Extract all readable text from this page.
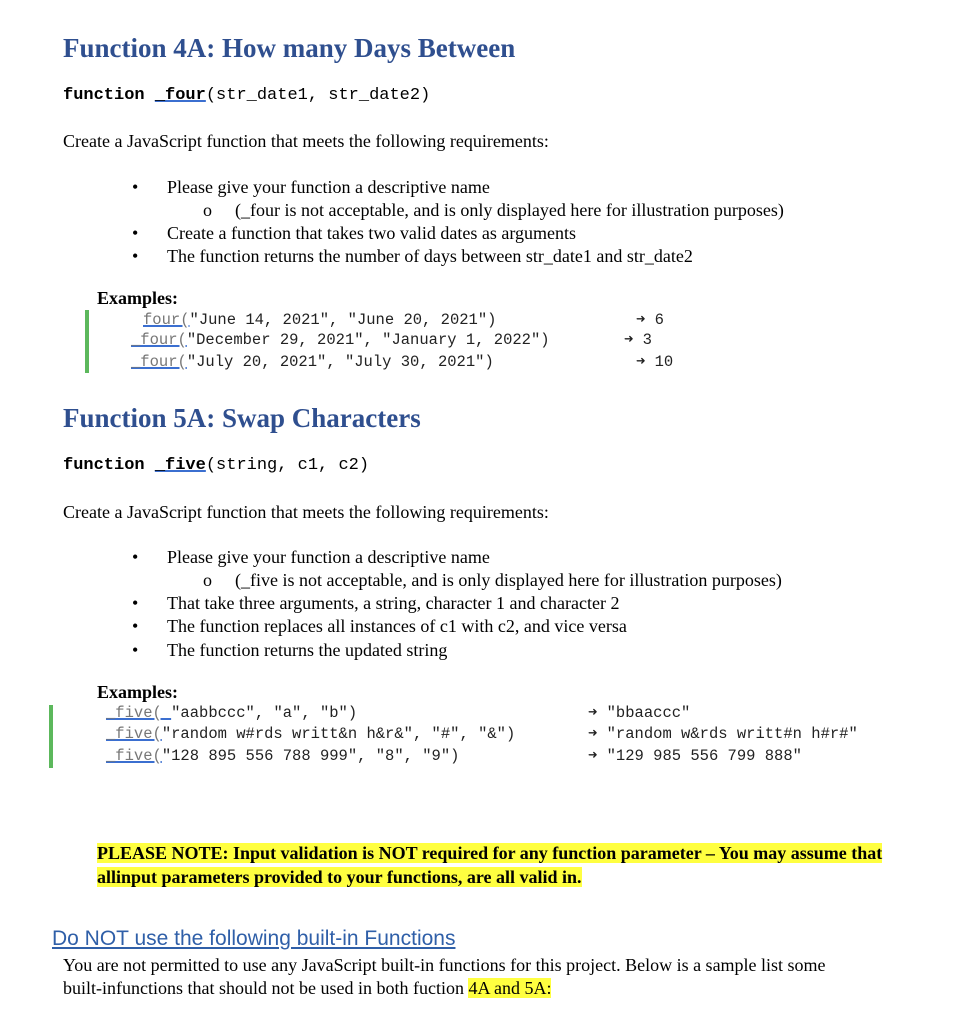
Function 4A: How many Days Between
function _four(str_date1, str_date2)
Create a JavaScript function that meets the following requirements:
• Please give your function a descriptive name
o (_four is not acceptable, and is only displayed here for illustration purposes)
• Create a function that takes two valid dates as arguments
• The function returns the number of days between str_date1 and str_date2
Examples:
four("June 14, 2021", "June 20, 2021")
_four("December 29, 2021", "January 1, 2022")
_four("July 20, 2021", "July 30, 2021")
➜ 6
➜ 3
➜ 10
Function 5A: Swap Characters
function _five(string, c1, c2)
Create a JavaScript function that meets the following requirements:
• Please give your function a descriptive name
o (_five is not acceptable, and is only displayed here for illustration purposes)
• That take three arguments, a string, character 1 and character 2
• The function replaces all instances of c1 with c2, and vice versa
• The function returns the updated string
Examples:
_five( "aabbccc", "a", "b")
_five("random w#rds writt&n h&r&", "#", "&")
_five("128 895 556 788 999", "8", "9")
➜ "bbaaccc"
➜ "random w&rds writt#n h#r#"
➜ "129 985 556 799 888"
PLEASE NOTE: Input validation is NOT required for any function parameter – You may assume that
allinput parameters provided to your functions, are all valid in.
Do NOT use the following built-in Functions
You are not permitted to use any JavaScript built-in functions for this project. Below is a sample list some
built-infunctions that should not be used in both fuction 4A and 5A:
